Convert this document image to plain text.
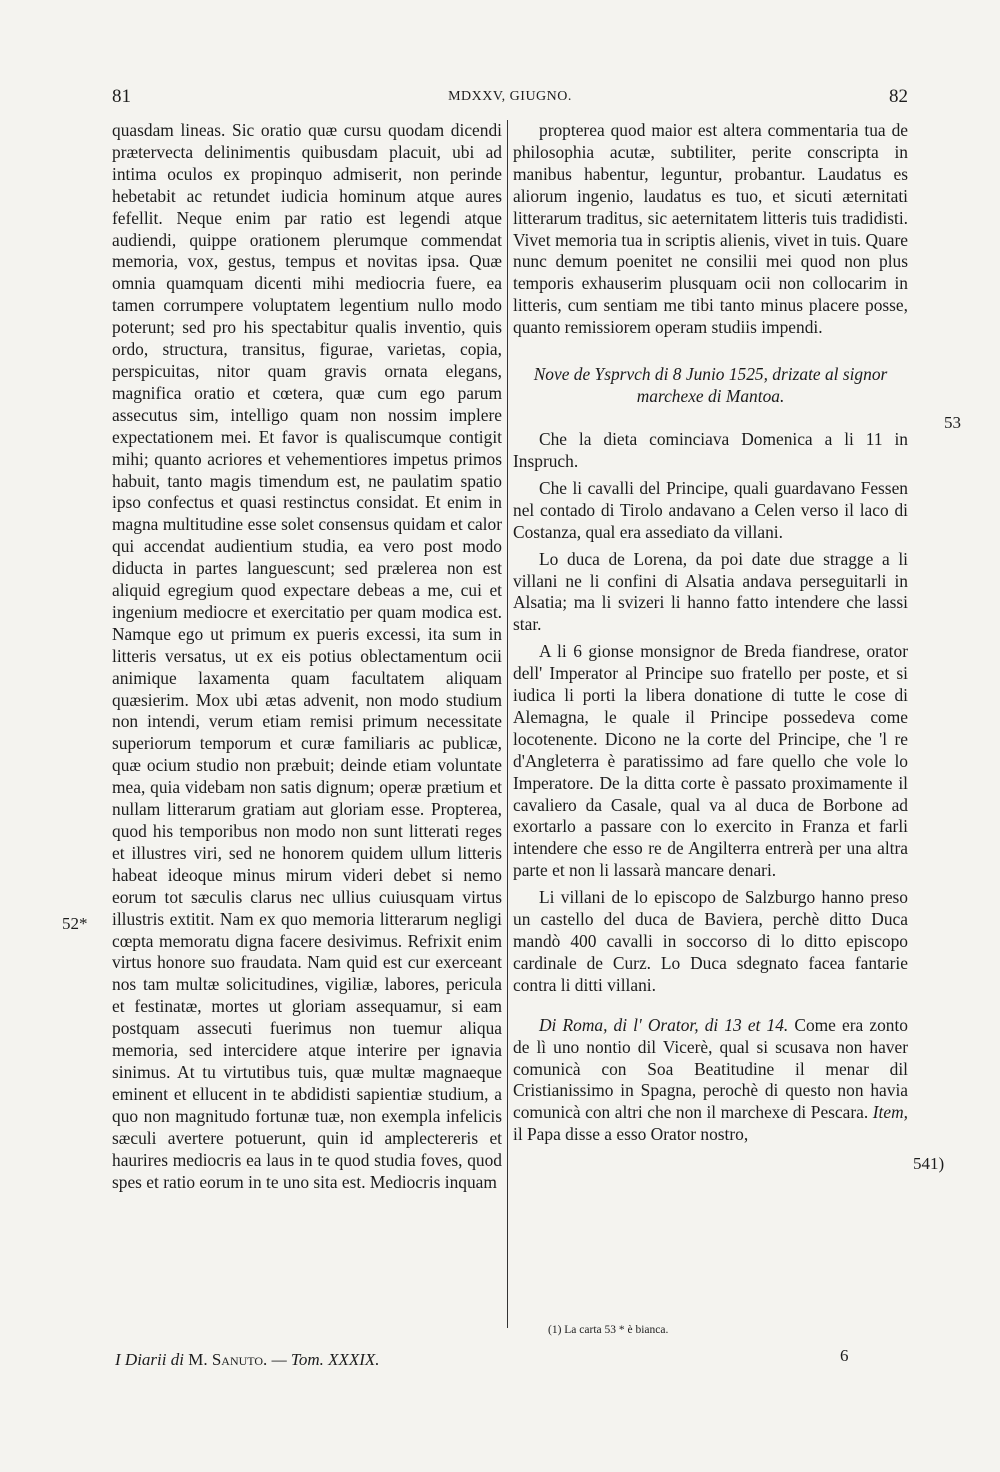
81	MDXXV, GIUGNO.	82

quasdam lineas. Sic oratio quæ cursu quodam dicendi prætervecta delinimentis quibusdam placuit, ubi ad intima oculos ex propinquo admiserit, non perinde hebetabit ac retundet iudicia hominum atque aures fefellit. Neque enim par ratio est legendi atque audiendi, quippe orationem plerumque commendat memoria, vox, gestus, tempus et novitas ipsa. Quæ omnia quamquam dicenti mihi mediocria fuere, ea tamen corrumpere voluptatem legentium nullo modo poterunt; sed pro his spectabitur qualis inventio, quis ordo, structura, transitus, figurae, varietas, copia, perspicuitas, nitor quam gravis ornata elegans, magnifica oratio et cœtera, quæ cum ego parum assecutus sim, intelligo quam non nossim implere expectationem mei. Et favor is qualiscumque contigit mihi; quanto acriores et vehementiores impetus primos habuit, tanto magis timendum est, ne paulatim spatio ipso confectus et quasi restinctus considat. Et enim in magna multitudine esse solet consensus quidam et calor qui accendat audientium studia, ea vero post modo diducta in partes languescunt; sed prælerea non est aliquid egregium quod expectare debeas a me, cui et ingenium mediocre et exercitatio per quam modica est. Namque ego ut primum ex pueris excessi, ita sum in litteris versatus, ut ex eis potius oblectamentum ocii animique laxamenta quam facultatem aliquam quæsierim. Mox ubi ætas advenit, non modo studium non intendi, verum etiam remisi primum necessitate superiorum temporum et curæ familiaris ac publicæ, quæ ocium studio non præbuit; deinde etiam voluntate mea, quia videbam non satis dignum; operæ prætium et nullam litterarum gratiam aut gloriam esse. Propterea, quod his temporibus non modo non sunt litterati reges et illustres viri, sed ne honorem quidem ullum litteris habeat ideoque minus mirum videri debet si nemo eorum tot sæculis clarus nec ullius cuiusquam virtus illustris extitit. Nam ex quo memoria litterarum negligi cœpta memoratu digna facere desivimus. Refrixit enim virtus honore suo fraudata. Nam quid est cur exerceant nos tam multæ solicitudines, vigiliæ, labores, pericula et festinatæ, mortes ut gloriam assequamur, si eam postquam assecuti fuerimus non tuemur aliqua memoria, sed intercidere atque interire per ignavia sinimus. At tu virtutibus tuis, quæ multæ magnaeque eminent et ellucent in te abdidisti sapientiæ studium, a quo non magnitudo fortunæ tuæ, non exempla infelicis sæculi avertere potuerunt, quin id amplectereris et haurires mediocris ea laus in te quod studia foves, quod spes et ratio eorum in te uno sita est. Mediocris inquam

52*

propterea quod maior est altera commentaria tua de philosophia acutæ, subtiliter, perite conscripta in manibus habentur, leguntur, probantur. Laudatus es aliorum ingenio, laudatus es tuo, et sicuti æternitati litterarum traditus, sic aeternitatem litteris tuis tradidisti. Vivet memoria tua in scriptis alienis, vivet in tuis. Quare nunc demum poenitet ne consilii mei quod non plus temporis exhauserim plusquam ocii non collocarim in litteris, cum sentiam me tibi tanto minus placere posse, quanto remissiorem operam studiis impendi.

Nove de Ysprvch di 8 Junio 1525, drizate al signor marchexe di Mantoa.

Che la dieta cominciava Domenica a li 11 in Inspruch.

Che li cavalli del Principe, quali guardavano Fessen nel contado di Tirolo andavano a Celen verso il laco di Costanza, qual era assediato da villani.

Lo duca de Lorena, da poi date due stragge a li villani ne li confini di Alsatia andava perseguitarli in Alsatia; ma li svizeri li hanno fatto intendere che lassi star.

A li 6 gionse monsignor de Breda fiandrese, orator dell' Imperator al Principe suo fratello per poste, et si iudica li porti la libera donatione di tutte le cose di Alemagna, le quale il Principe possedeva come locotenente. Dicono ne la corte del Principe, che 'l re d'Angleterra è paratissimo ad fare quello che vole lo Imperatore. De la ditta corte è passato proximamente il cavaliero da Casale, qual va al duca de Borbone ad exortarlo a passare con lo exercito in Franza et farli intendere che esso re de Angilterra entrerà per una altra parte et non li lassarà mancare denari.

Li villani de lo episcopo de Salzburgo hanno preso un castello del duca de Baviera, perchè ditto Duca mandò 400 cavalli in soccorso di lo ditto episcopo cardinale de Curz. Lo Duca sdegnato facea fantarie contra li ditti villani.

Di Roma, di l' Orator, di 13 et 14. Come era zonto de lì uno nontio dil Vicerè, qual si scusava non haver comunicà con Soa Beatitudine il menar dil Cristianissimo in Spagna, perochè di questo non havia comunicà con altri che non il marchexe di Pescara. Item, il Papa disse a esso Orator nostro,

53
541)
(1) La carta 53 * è bianca.
I Diarii di M. Sanuto. — Tom. XXXIX.	6
